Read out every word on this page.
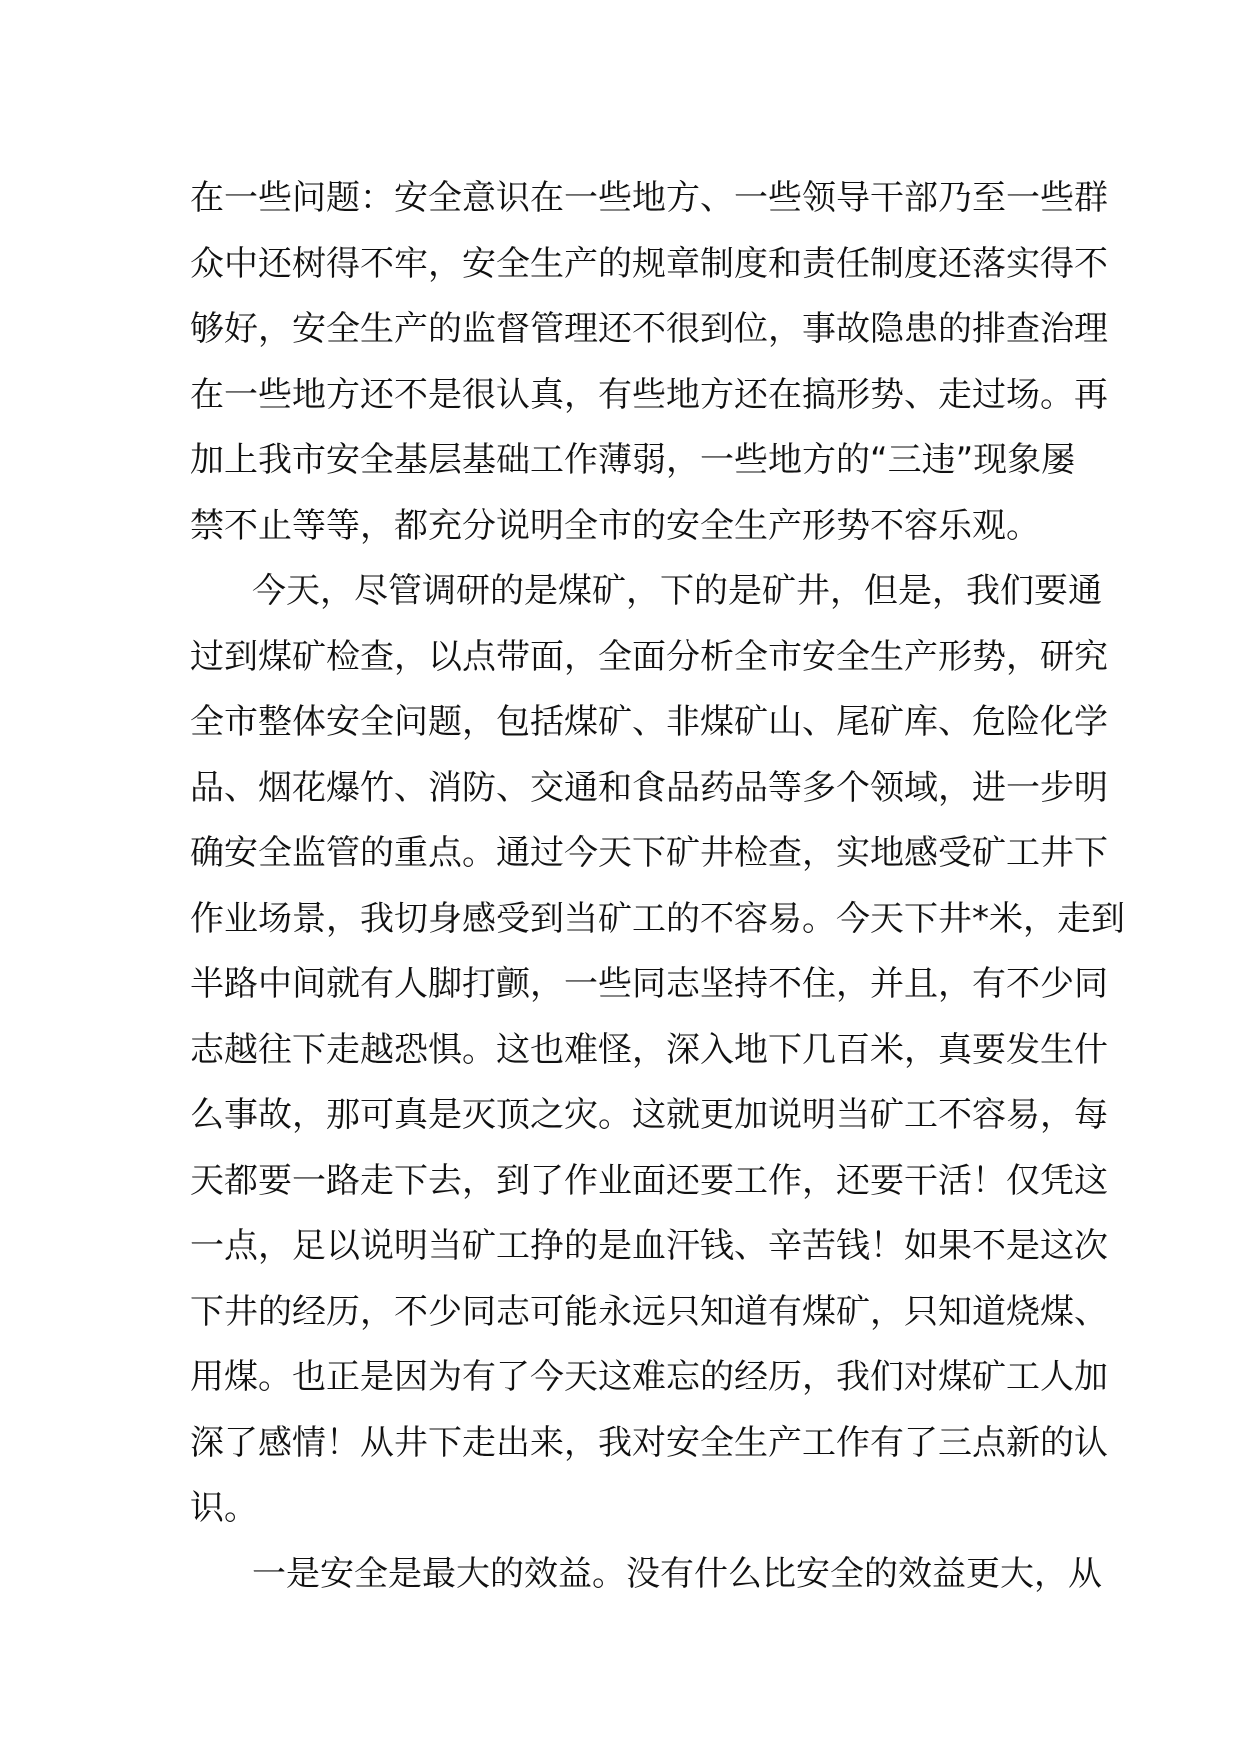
在一些问题：安全意识在一些地方、一些领导干部乃至一些群
众中还树得不牢，安全生产的规章制度和责任制度还落实得不
够好，安全生产的监督管理还不很到位，事故隐患的排查治理
在一些地方还不是很认真，有些地方还在搞形势、走过场。再
加上我市安全基层基础工作薄弱，一些地方的“三违”现象屡
禁不止等等，都充分说明全市的安全生产形势不容乐观。
今天，尽管调研的是煤矿，下的是矿井，但是，我们要通
过到煤矿检查，以点带面，全面分析全市安全生产形势，研究
全市整体安全问题，包括煤矿、非煤矿山、尾矿库、危险化学
品、烟花爆竹、消防、交通和食品药品等多个领域，进一步明
确安全监管的重点。通过今天下矿井检查，实地感受矿工井下
作业场景，我切身感受到当矿工的不容易。今天下井*米，走到
半路中间就有人脚打颤，一些同志坚持不住，并且，有不少同
志越往下走越恐惧。这也难怪，深入地下几百米，真要发生什
么事故，那可真是灭顶之灾。这就更加说明当矿工不容易，每
天都要一路走下去，到了作业面还要工作，还要干活！仅凭这
一点，足以说明当矿工挣的是血汗钱、辛苦钱！如果不是这次
下井的经历，不少同志可能永远只知道有煤矿，只知道烧煤、
用煤。也正是因为有了今天这难忘的经历，我们对煤矿工人加
深了感情！从井下走出来，我对安全生产工作有了三点新的认
识。
一是安全是最大的效益。没有什么比安全的效益更大，从
